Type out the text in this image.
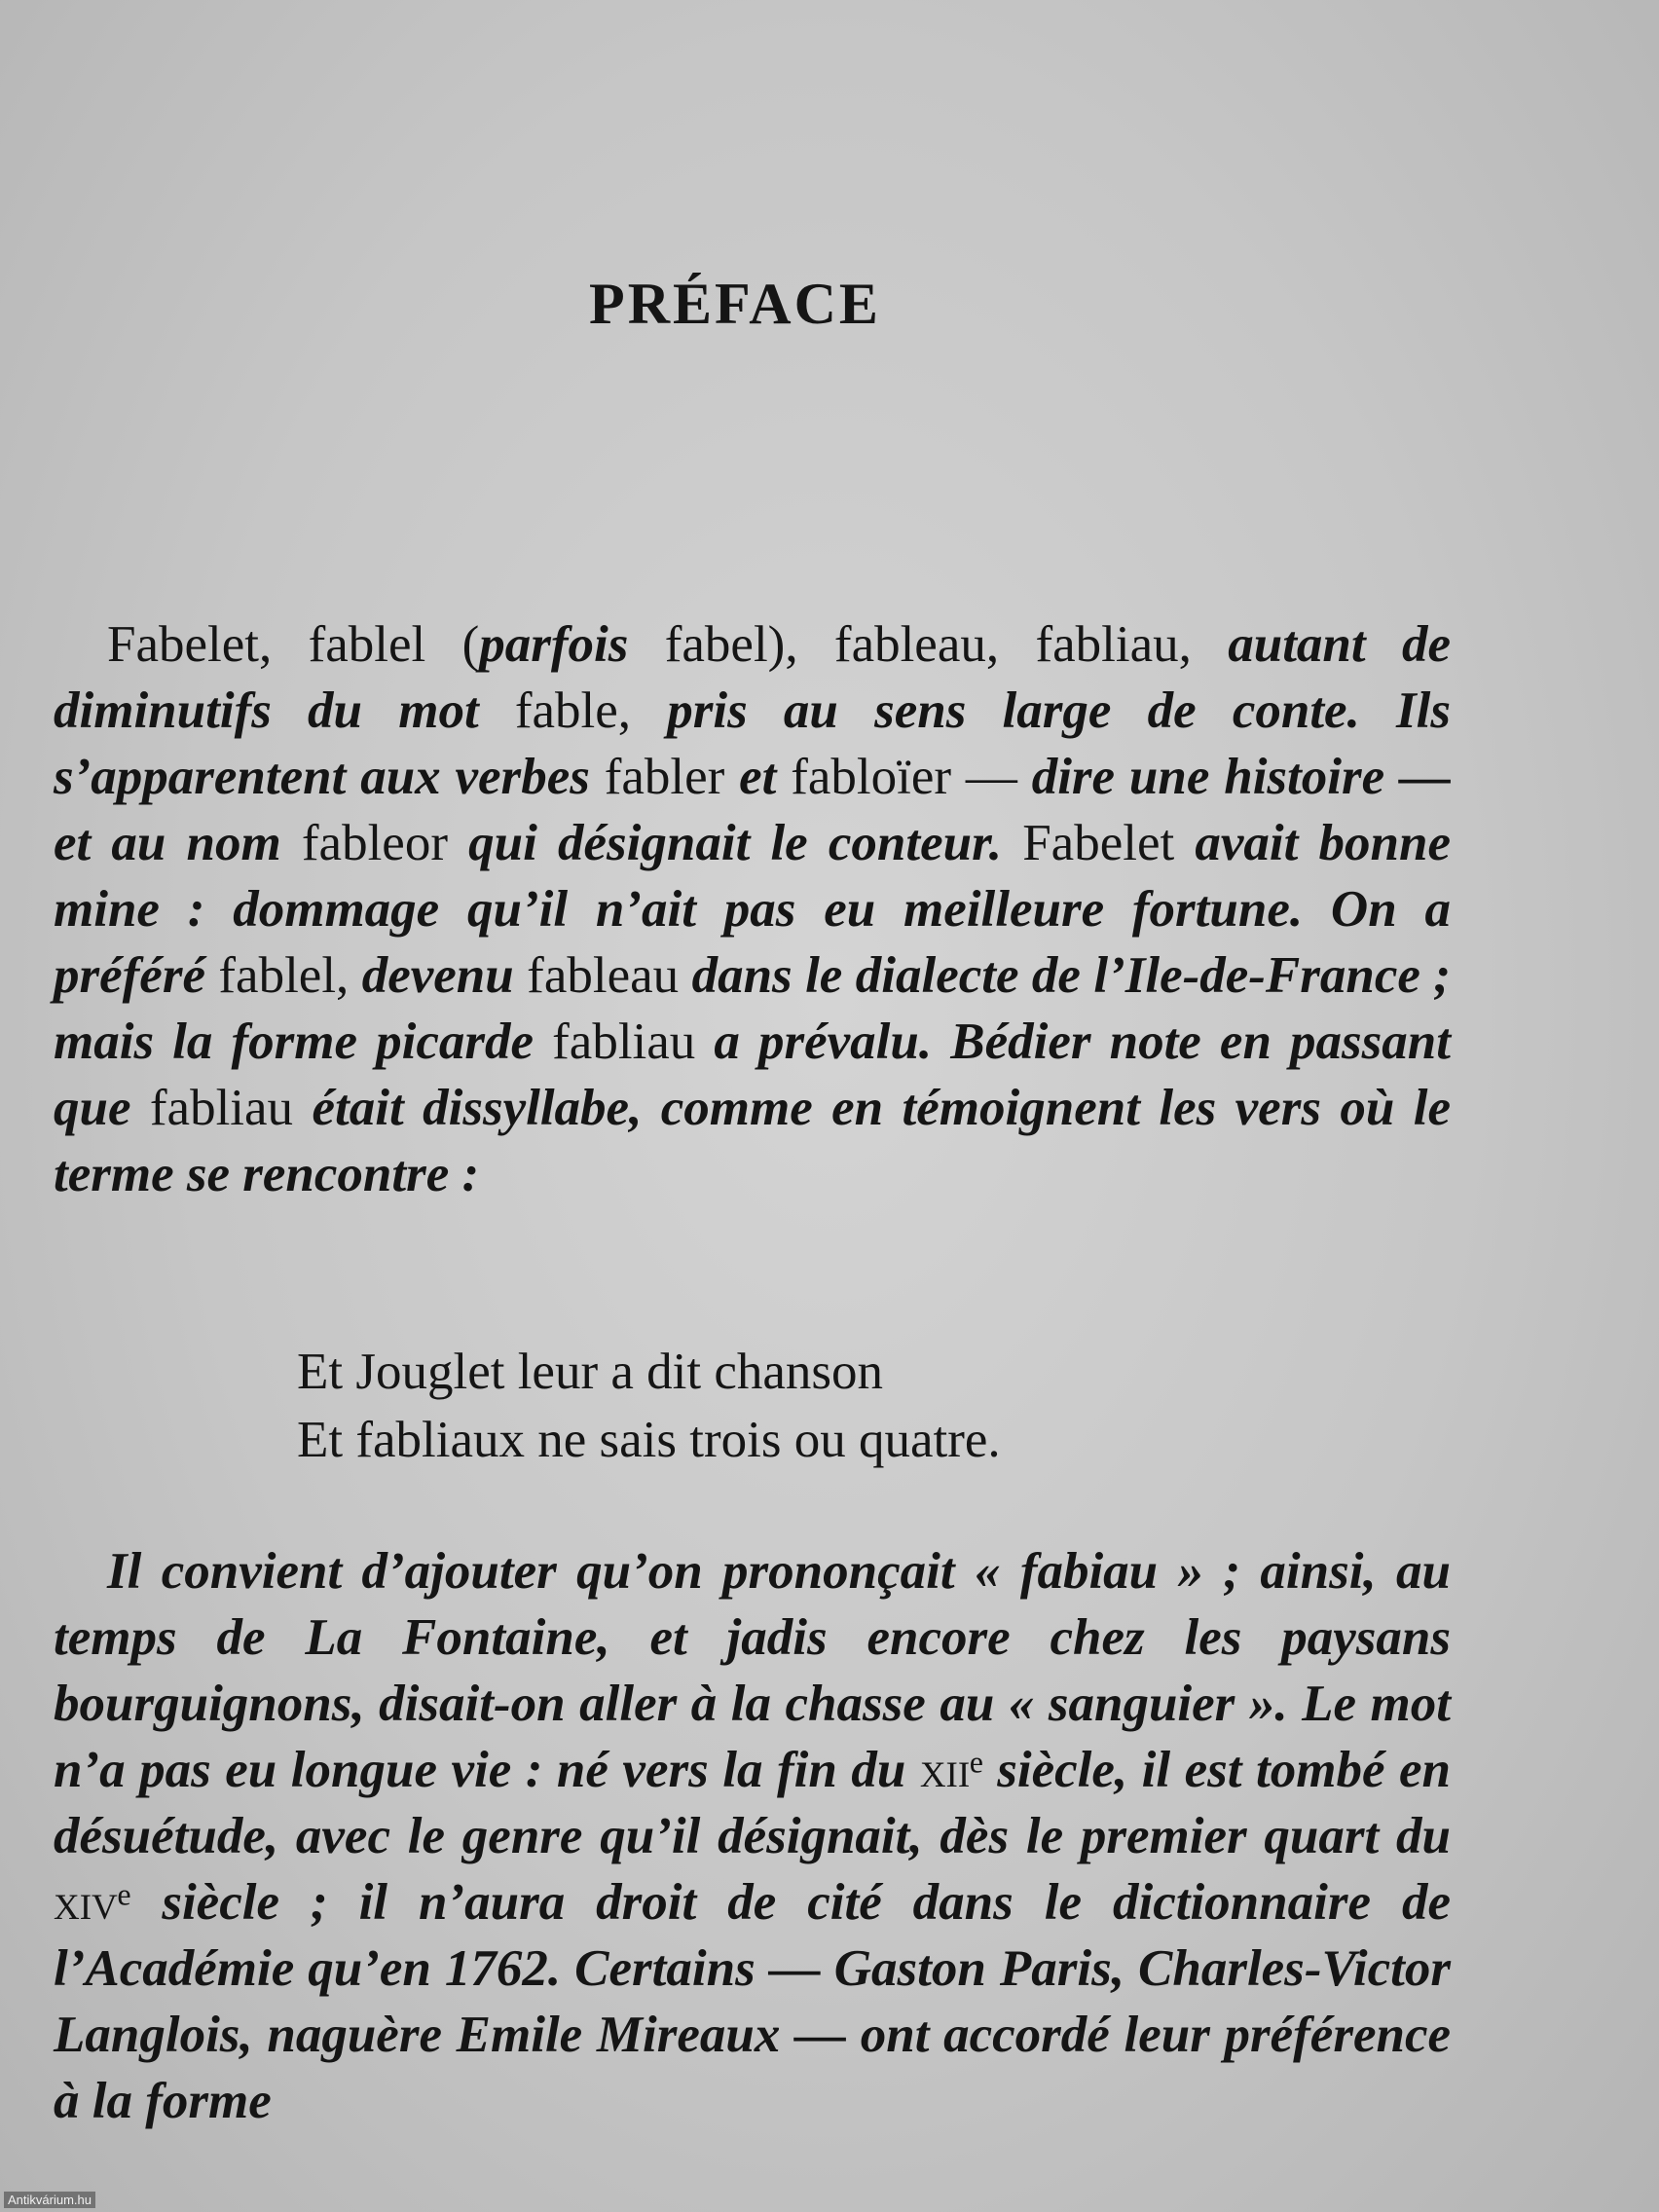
PRÉFACE

Fabelet, fablel (parfois fabel), fableau, fabliau, autant de diminutifs du mot fable, pris au sens large de conte. Ils s’apparentent aux verbes fabler et fabloïer — dire une histoire — et au nom fableor qui désignait le conteur. Fabelet avait bonne mine : dommage qu’il n’ait pas eu meilleure fortune. On a préféré fablel, devenu fableau dans le dialecte de l’Ile-de-France ; mais la forme picarde fabliau a prévalu. Bédier note en passant que fabliau était dissyllabe, comme en témoignent les vers où le terme se rencontre :

Et Jouglet leur a dit chanson
Et fabliaux ne sais trois ou quatre.

Il convient d’ajouter qu’on prononçait « fabiau » ; ainsi, au temps de La Fontaine, et jadis encore chez les paysans bourguignons, disait-on aller à la chasse au « sanguier ». Le mot n’a pas eu longue vie : né vers la fin du xiiᵉ siècle, il est tombé en désuétude, avec le genre qu’il désignait, dès le premier quart du xivᵉ siècle ; il n’aura droit de cité dans le dictionnaire de l’Académie qu’en 1762. Certains — Gaston Paris, Charles-Victor Langlois, naguère Emile Mireaux — ont accordé leur préférence à la forme

Antikvárium.hu
